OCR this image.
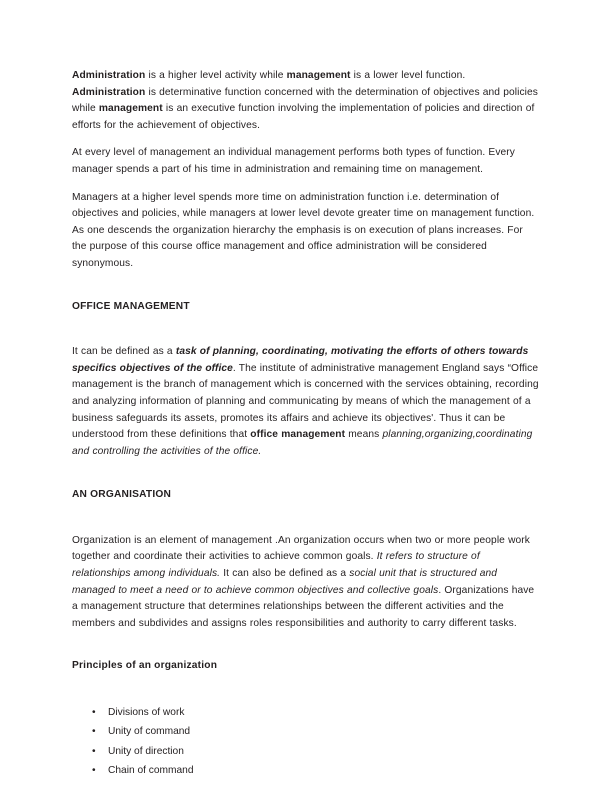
Administration is a higher level activity while management is a lower level function. Administration is determinative function concerned with the determination of objectives and policies while management is an executive function involving the implementation of policies and direction of efforts for the achievement of objectives.

At every level of management an individual management performs both types of function. Every manager spends a part of his time in administration and remaining time on management.

Managers at a higher level spends more time on administration function i.e. determination of objectives and policies, while managers at lower level devote greater time on management function. As one descends the organization hierarchy the emphasis is on execution of plans increases. For the purpose of this course office management and office administration will be considered synonymous.

OFFICE MANAGEMENT

It can be defined as a task of planning, coordinating, motivating the efforts of others towards specifics objectives of the office. The institute of administrative management England says “Office management is the branch of management which is concerned with the services obtaining, recording and analyzing information of planning and communicating by means of which the management of a business safeguards its assets, promotes its affairs and achieve its objectives'. Thus it can be understood from these definitions that office management means planning,organizing,coordinating and controlling the activities of the office.

AN ORGANISATION

Organization is an element of management .An organization occurs when two or more people work together and coordinate their activities to achieve common goals. It refers to structure of relationships among individuals. It can also be defined as a social unit that is structured and managed to meet a need or to achieve common objectives and collective goals. Organizations have a management structure that determines relationships between the different activities and the members and subdivides and assigns roles responsibilities and authority to carry different tasks.

Principles of an organization
• Divisions of work
• Unity of command
• Unity of direction
• Chain of command
